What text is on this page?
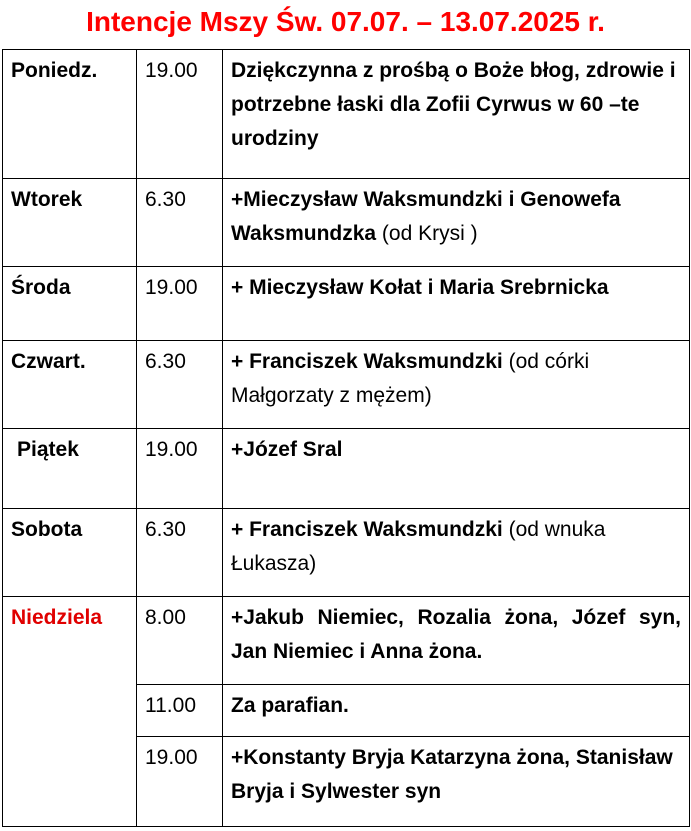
Intencje Mszy Św. 07.07. – 13.07.2025 r.
Poniedz.	19.00	Dziękczynna z prośbą o Boże błog, zdrowie i potrzebne łaski dla Zofii Cyrwus w 60 –te urodziny
Wtorek	6.30	+Mieczysław Waksmundzki i Genowefa Waksmundzka (od Krysi )
Środa	19.00	+ Mieczysław Kołat i Maria Srebrnicka
Czwart.	6.30	+ Franciszek Waksmundzki (od córki Małgorzaty z mężem)
Piątek	19.00	+Józef Sral
Sobota	6.30	+ Franciszek Waksmundzki (od wnuka Łukasza)
Niedziela	8.00	+Jakub Niemiec, Rozalia żona, Józef syn, Jan Niemiec i Anna żona.
	11.00	Za parafian.
	19.00	+Konstanty Bryja Katarzyna żona, Stanisław Bryja i Sylwester syn
